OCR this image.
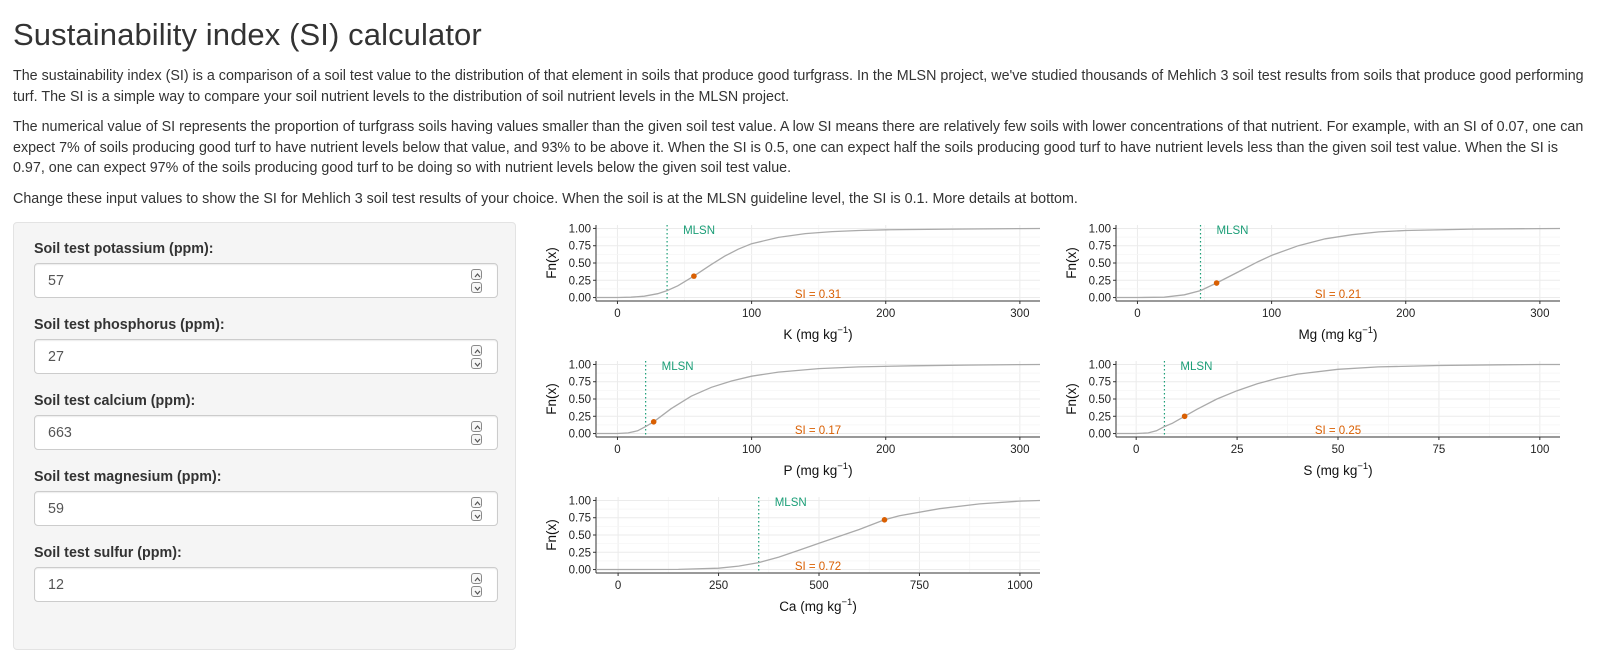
Sustainability index (SI) calculator

The sustainability index (SI) is a comparison of a soil test value to the distribution of that element in soils that produce good turfgrass. In the MLSN project, we've studied thousands of Mehlich 3 soil test results from soils that produce good performing turf. The SI is a simple way to compare your soil nutrient levels to the distribution of soil nutrient levels in the MLSN project.

The numerical value of SI represents the proportion of turfgrass soils having values smaller than the given soil test value. A low SI means there are relatively few soils with lower concentrations of that nutrient. For example, with an SI of 0.07, one can expect 7% of soils producing good turf to have nutrient levels below that value, and 93% to be above it. When the SI is 0.5, one can expect half the soils producing good turf to have nutrient levels less than the given soil test value. When the SI is 0.97, one can expect 97% of the soils producing good turf to be doing so with nutrient levels below the given soil test value.

Change these input values to show the SI for Mehlich 3 soil test results of your choice. When the soil is at the MLSN guideline level, the SI is 0.1. More details at bottom.

Soil test potassium (ppm):
57
Soil test phosphorus (ppm):
27
Soil test calcium (ppm):
663
Soil test magnesium (ppm):
59
Soil test sulfur (ppm):
12
0.00
0.25
0.50
0.75
1.00
0	100	200	300
Fn(x)
K (mg $kg^{-1}$)
MLSN
SI = 0.31	0.00
0.25
0.50
0.75
1.00
0	100	200	300
Fn(x)
Mg (mg $kg^{-1}$)
MLSN
SI = 0.21
0.00
0.25
0.50
0.75
1.00
0	100	200	300
Fn(x)
P (mg $kg^{-1}$)
MLSN
SI = 0.17	0.00
0.25
0.50
0.75
1.00
0	25	50	75	100
Fn(x)
S (mg $kg^{-1}$)
MLSN
SI = 0.25
0.00
0.25
0.50
0.75
1.00
0	250	500	750	1000
Fn(x)
Ca (mg $kg^{-1}$)
MLSN
SI = 0.72
